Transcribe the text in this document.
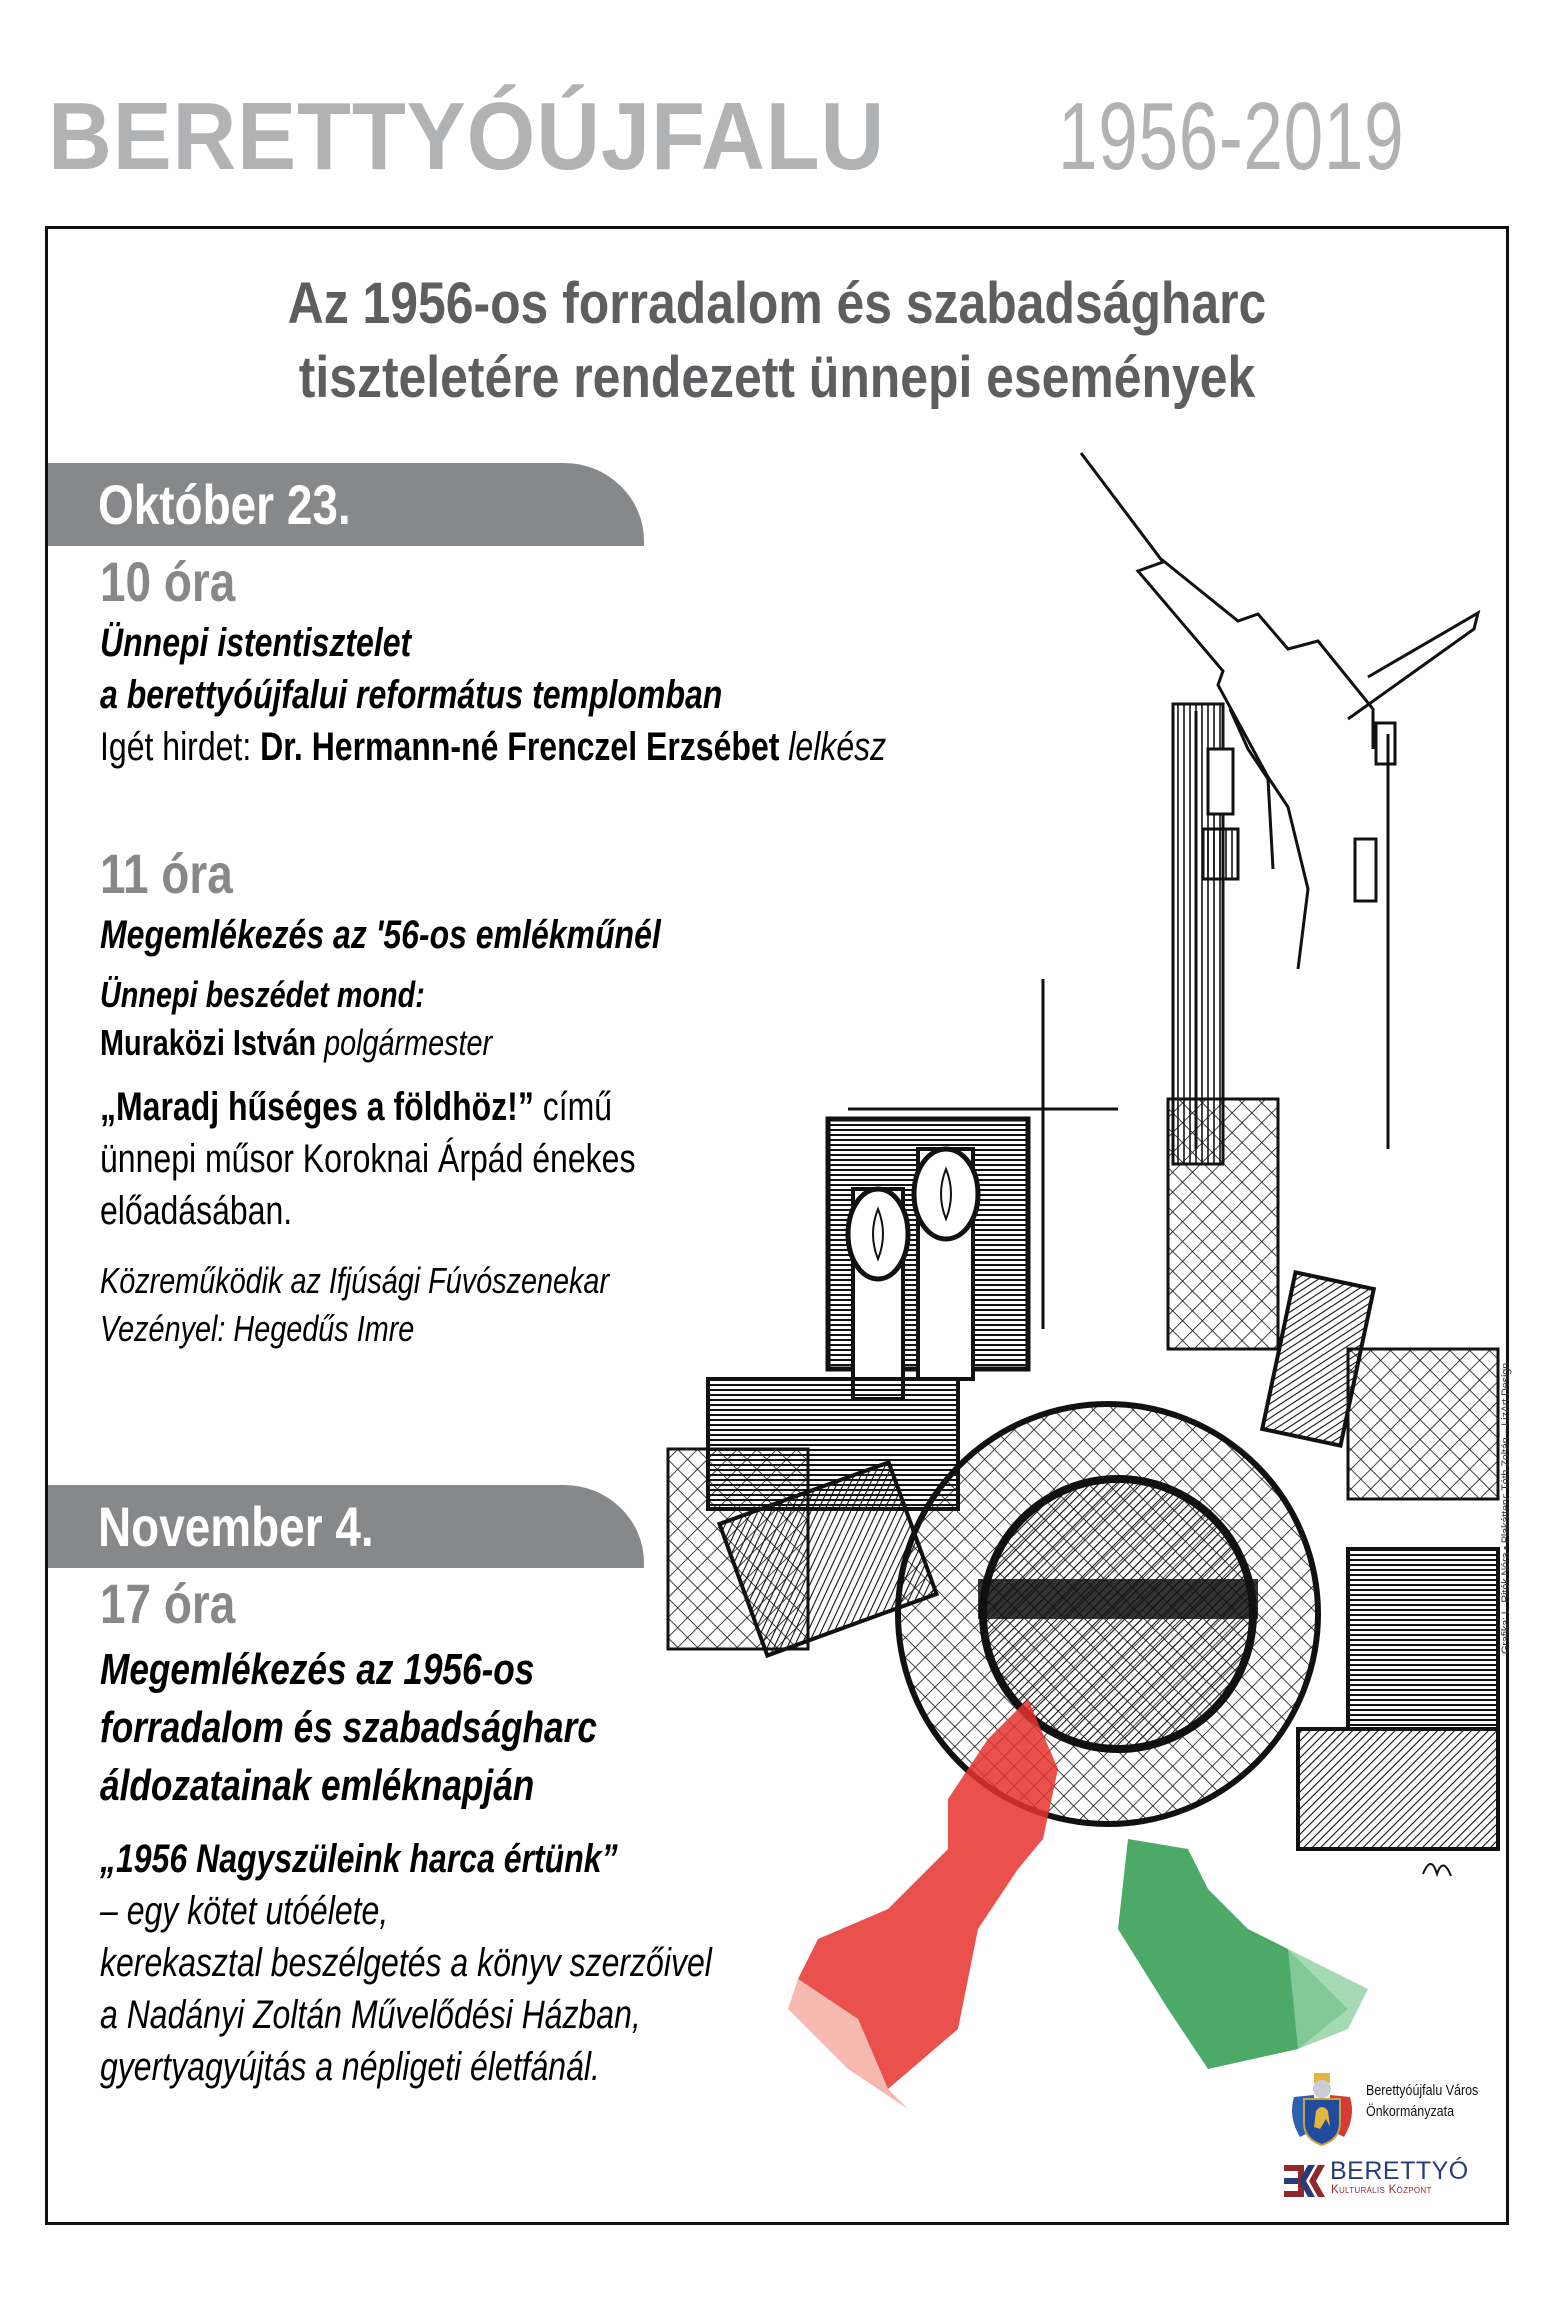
BERETTYÓÚJFALU 1956-2019
Az 1956-os forradalom és szabadságharc
tiszteletére rendezett ünnepi események
Október 23.
10 óra
Ünnepi istentisztelet
a berettyóújfalui református templomban
Igét hirdet: Dr. Hermann-né Frenczel Erzsébet lelkész
11 óra
Megemlékezés az '56-os emlékműnél
Ünnepi beszédet mond:
Muraközi István polgármester
„Maradj hűséges a földhöz!” című
ünnepi műsor Koroknai Árpád énekes
előadásában.
Közreműködik az Ifjúsági Fúvószenekar
Vezényel: Hegedűs Imre
November 4.
17 óra
Megemlékezés az 1956-os
forradalom és szabadságharc
áldozatainak emléknapján
„1956 Nagyszüleink harca értünk”
– egy kötet utóélete,
kerekasztal beszélgetés a könyv szerzőivel
a Nadányi Zoltán Művelődési Házban,
gyertyagyújtás a népligeti életfánál.
Grafika: L. Ritók Nóra • Plakátterv: Tóth Zoltán – LizArt Design
Berettyóújfalu Város
Önkormányzata
BERETTYÓ
Kulturális Központ
